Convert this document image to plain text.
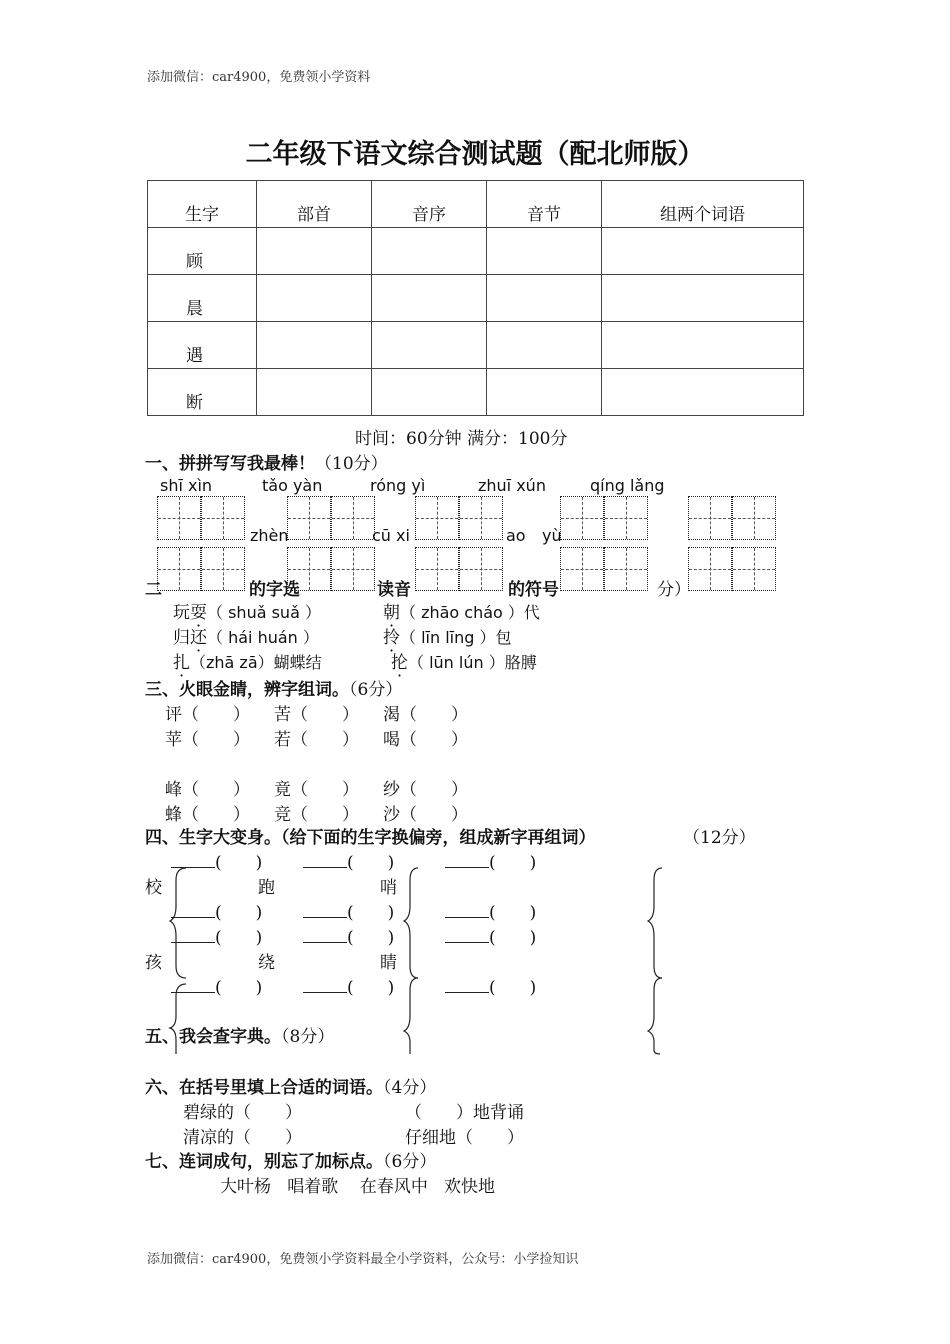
添加微信：car4900，免费领小学资料
二年级下语文综合测试题（配北师版）
生字	部首	音序	音节	组两个词语
顾				
晨				
遇				
断				
时间：60分钟 满分：100分
一、拼拼写写我最棒！（10分）
shī xìn	tǎo yàn	róng yì	zhuī xún	qíng lǎng
zhèn	cū xi	ao yù
二	的字选	读音	的符号	分）
玩耍（ shuǎ suǎ ）	朝（ zhāo cháo ）代
归还（ hái huán ）	拎（ līn līng ）包
扎（zhā zā）蝴蝶结	抡（ lūn lún ）胳膊
三、火眼金睛，辨字组词。（6分）
评（　　） 苦（　　） 渴（　　）
苹（　　） 若（　　） 喝（　　）
峰（　　） 竟（　　） 纱（　　）
蜂（　　） 竞（　　） 沙（　　）
四、生字大变身。（给下面的生字换偏旁，组成新字再组词）	（12分）
(　　)	(　　)	(　　)
校	跑	哨
(　　)	(　　)	(　　)
(　　)	(　　)	(　　)
孩	绕	睛
(　　)	(　　)	(　　)
五、我会查字典。（8分）
六、在括号里填上合适的词语。（4分）
碧绿的（　　）	（　　）地背诵
清凉的（　　）	仔细地（　　）
七、连词成句，别忘了加标点。（6分）
大叶杨   唱着歌    在春风中   欢快地
添加微信：car4900，免费领小学资料最全小学资料，公众号：小学捡知识
